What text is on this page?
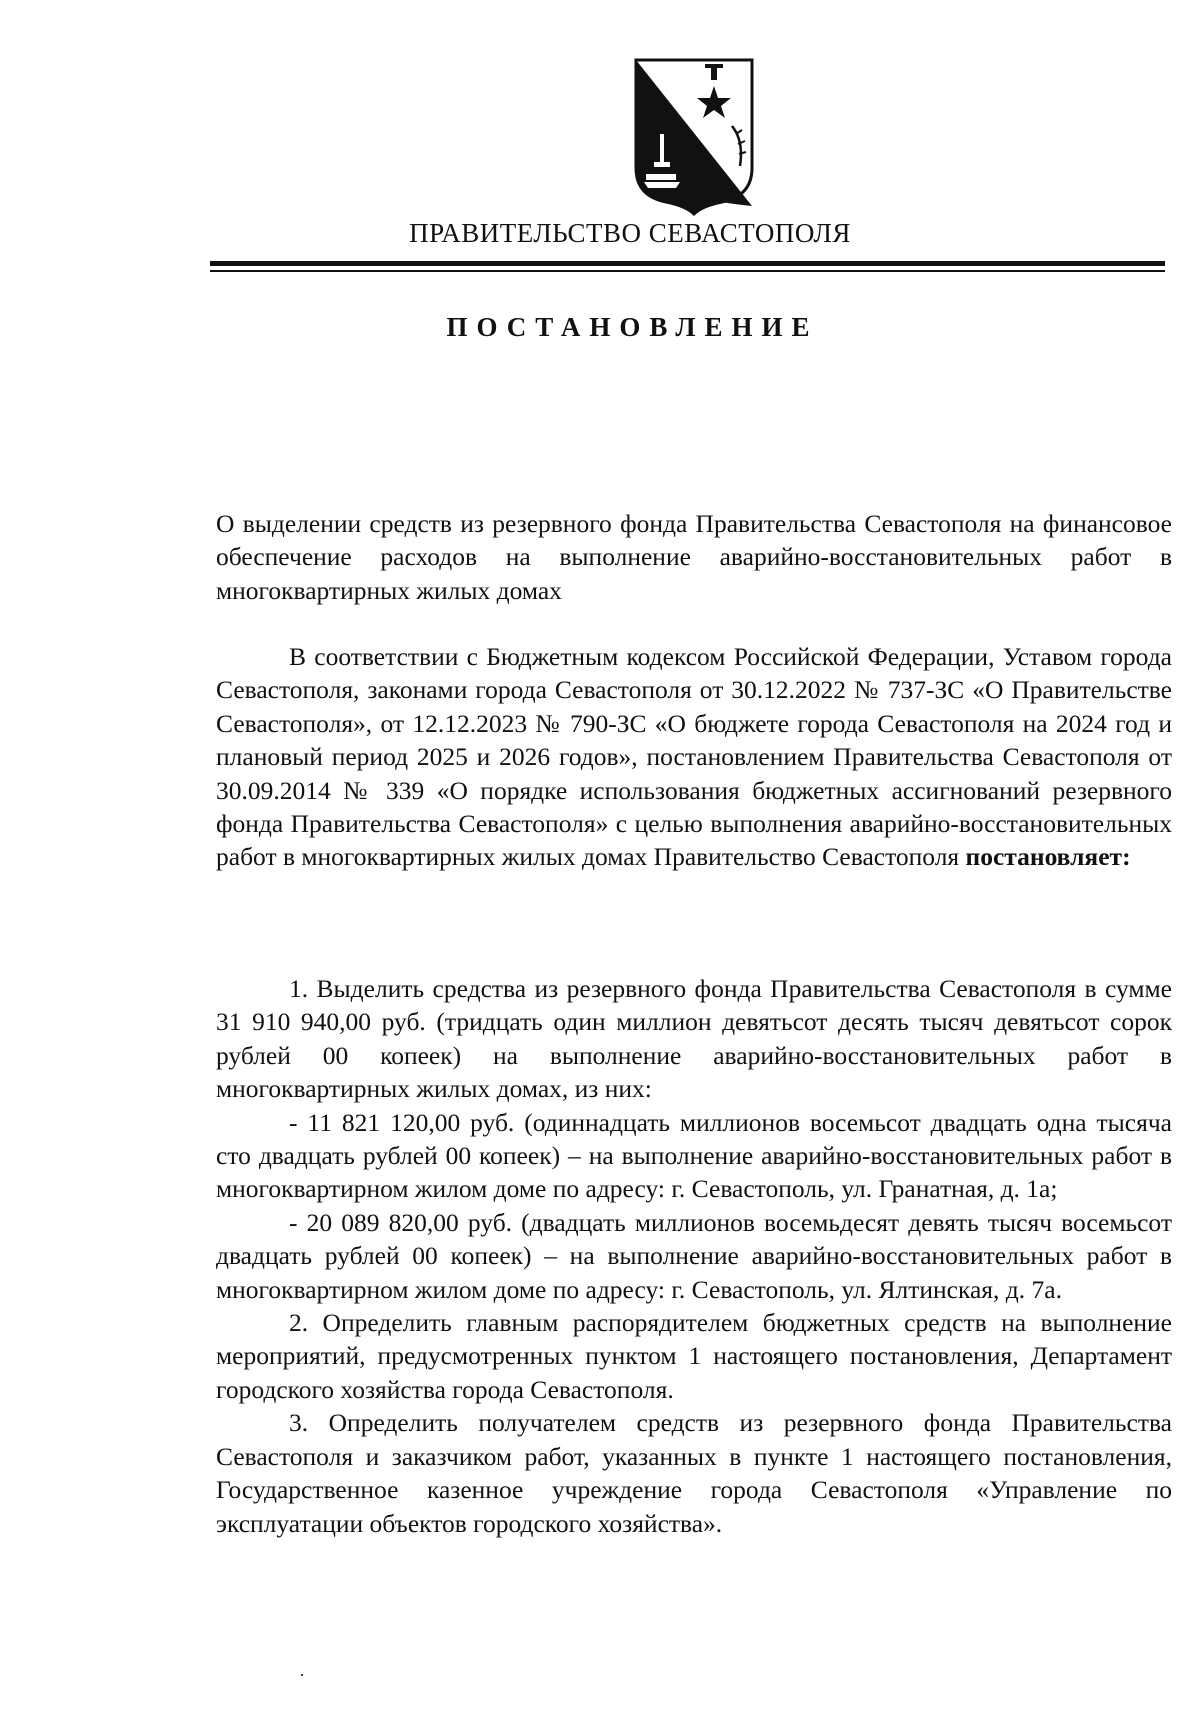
ПРАВИТЕЛЬСТВО СЕВАСТОПОЛЯ
ПОСТАНОВЛЕНИЕ
О выделении средств из резервного фонда Правительства Севастополя на финансовое обеспечение расходов на выполнение аварийно-восстановительных работ в многоквартирных жилых домах

В соответствии с Бюджетным кодексом Российской Федерации, Уставом города Севастополя, законами города Севастополя от 30.12.2022 № 737-ЗС «О Правительстве Севастополя», от 12.12.2023 № 790-ЗС «О бюджете города Севастополя на 2024 год и плановый период 2025 и 2026 годов», постановлением Правительства Севастополя от 30.09.2014 № 339 «О порядке использования бюджетных ассигнований резервного фонда Правительства Севастополя» с целью выполнения аварийно-восстановительных работ в многоквартирных жилых домах Правительство Севастополя постановляет:

1. Выделить средства из резервного фонда Правительства Севастополя в сумме 31 910 940,00 руб. (тридцать один миллион девятьсот десять тысяч девятьсот сорок рублей 00 копеек) на выполнение аварийно-восстановительных работ в многоквартирных жилых домах, из них:

- 11 821 120,00 руб. (одиннадцать миллионов восемьсот двадцать одна тысяча сто двадцать рублей 00 копеек) – на выполнение аварийно-восстановительных работ в многоквартирном жилом доме по адресу: г. Севастополь, ул. Гранатная, д. 1а;

- 20 089 820,00 руб. (двадцать миллионов восемьдесят девять тысяч восемьсот двадцать рублей 00 копеек) – на выполнение аварийно-восстановительных работ в многоквартирном жилом доме по адресу: г. Севастополь, ул. Ялтинская, д. 7а.

2. Определить главным распорядителем бюджетных средств на выполнение мероприятий, предусмотренных пунктом 1 настоящего постановления, Департамент городского хозяйства города Севастополя.

3. Определить получателем средств из резервного фонда Правительства Севастополя и заказчиком работ, указанных в пункте 1 настоящего постановления, Государственное казенное учреждение города Севастополя «Управление по эксплуатации объектов городского хозяйства».
